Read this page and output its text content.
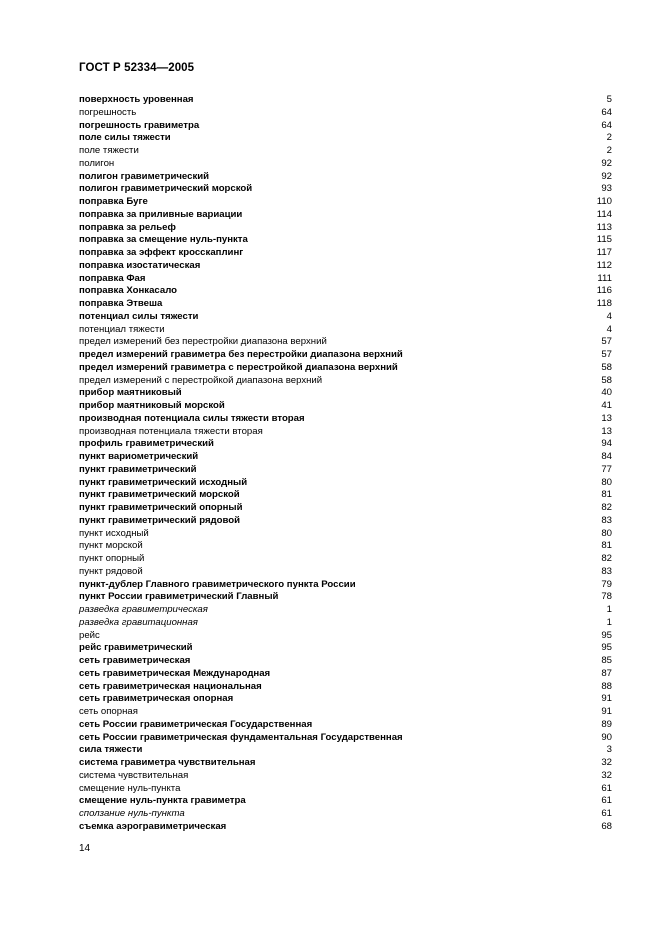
ГОСТ Р 52334—2005
поверхность уровенная	5
погрешность	64
погрешность гравиметра	64
поле силы тяжести	2
поле тяжести	2
полигон	92
полигон гравиметрический	92
полигон гравиметрический морской	93
поправка Буге	110
поправка за приливные вариации	114
поправка за рельеф	113
поправка за смещение нуль-пункта	115
поправка за эффект кросскаплинг	117
поправка изостатическая	112
поправка Фая	111
поправка Хонкасало	116
поправка Этвеша	118
потенциал силы тяжести	4
потенциал тяжести	4
предел измерений без перестройки диапазона верхний	57
предел измерений гравиметра без перестройки диапазона верхний	57
предел измерений гравиметра с перестройкой диапазона верхний	58
предел измерений с перестройкой диапазона верхний	58
прибор маятниковый	40
прибор маятниковый морской	41
производная потенциала силы тяжести вторая	13
производная потенциала тяжести вторая	13
профиль гравиметрический	94
пункт вариометрический	84
пункт гравиметрический	77
пункт гравиметрический исходный	80
пункт гравиметрический морской	81
пункт гравиметрический опорный	82
пункт гравиметрический рядовой	83
пункт исходный	80
пункт морской	81
пункт опорный	82
пункт рядовой	83
пункт-дублер Главного гравиметрического пункта России	79
пункт России гравиметрический Главный	78
разведка гравиметрическая	1
разведка гравитационная	1
рейс	95
рейс гравиметрический	95
сеть гравиметрическая	85
сеть гравиметрическая Международная	87
сеть гравиметрическая национальная	88
сеть гравиметрическая опорная	91
сеть опорная	91
сеть России гравиметрическая Государственная	89
сеть России гравиметрическая фундаментальная Государственная	90
сила тяжести	3
система гравиметра чувствительная	32
система чувствительная	32
смещение нуль-пункта	61
смещение нуль-пункта гравиметра	61
сползание нуль-пункта	61
съемка аэрогравиметрическая	68
14
